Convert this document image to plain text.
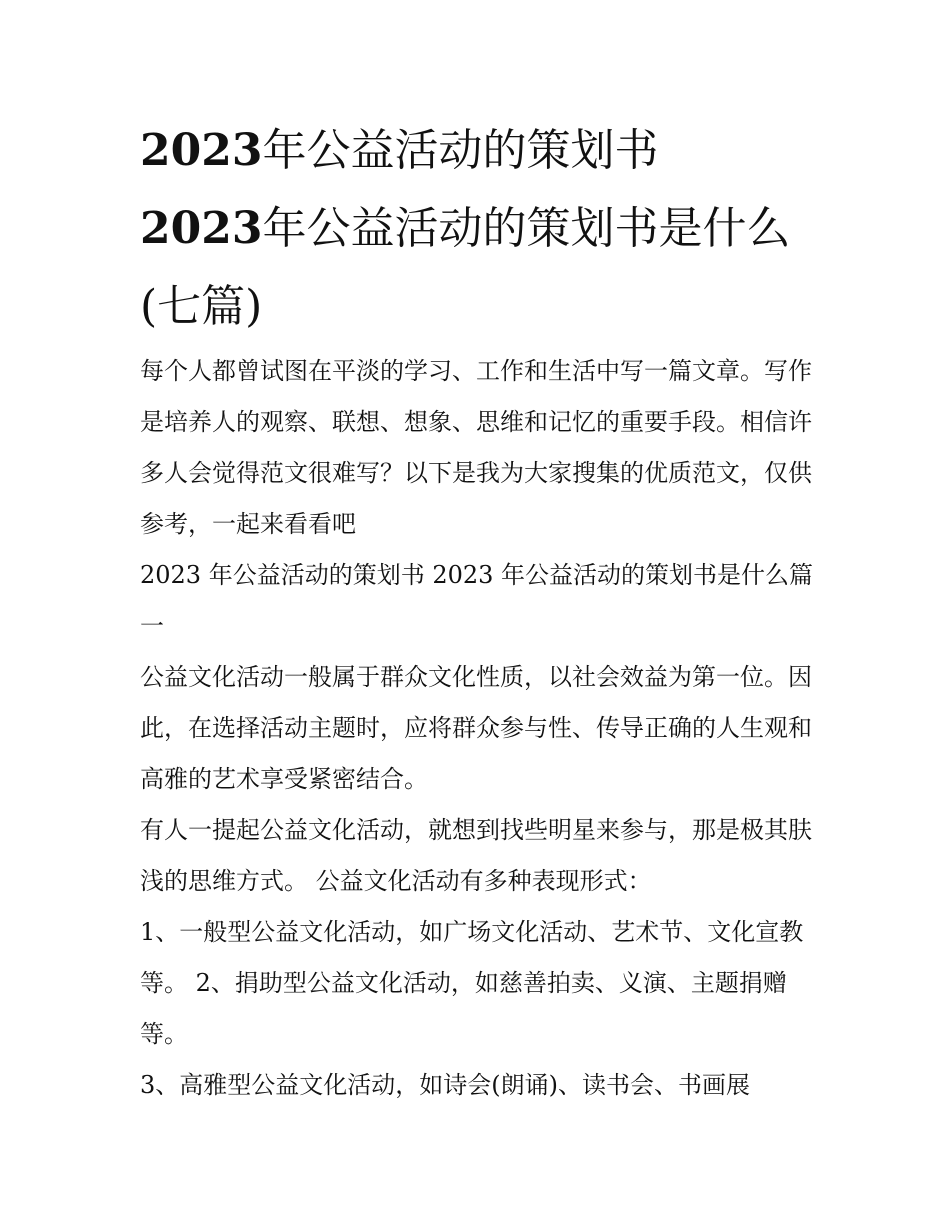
2023年公益活动的策划书
2023年公益活动的策划书是什么(七篇)

每个人都曾试图在平淡的学习、工作和生活中写一篇文章。写作是培养人的观察、联想、想象、思维和记忆的重要手段。相信许多人会觉得范文很难写？以下是我为大家搜集的优质范文，仅供参考，一起来看看吧

2023 年公益活动的策划书 2023 年公益活动的策划书是什么篇一

公益文化活动一般属于群众文化性质，以社会效益为第一位。因此，在选择活动主题时，应将群众参与性、传导正确的人生观和高雅的艺术享受紧密结合。

有人一提起公益文化活动，就想到找些明星来参与，那是极其肤浅的思维方式。 公益文化活动有多种表现形式：

1、一般型公益文化活动，如广场文化活动、艺术节、文化宣教等。 2、捐助型公益文化活动，如慈善拍卖、义演、主题捐赠等。

3、高雅型公益文化活动，如诗会(朗诵)、读书会、书画展
